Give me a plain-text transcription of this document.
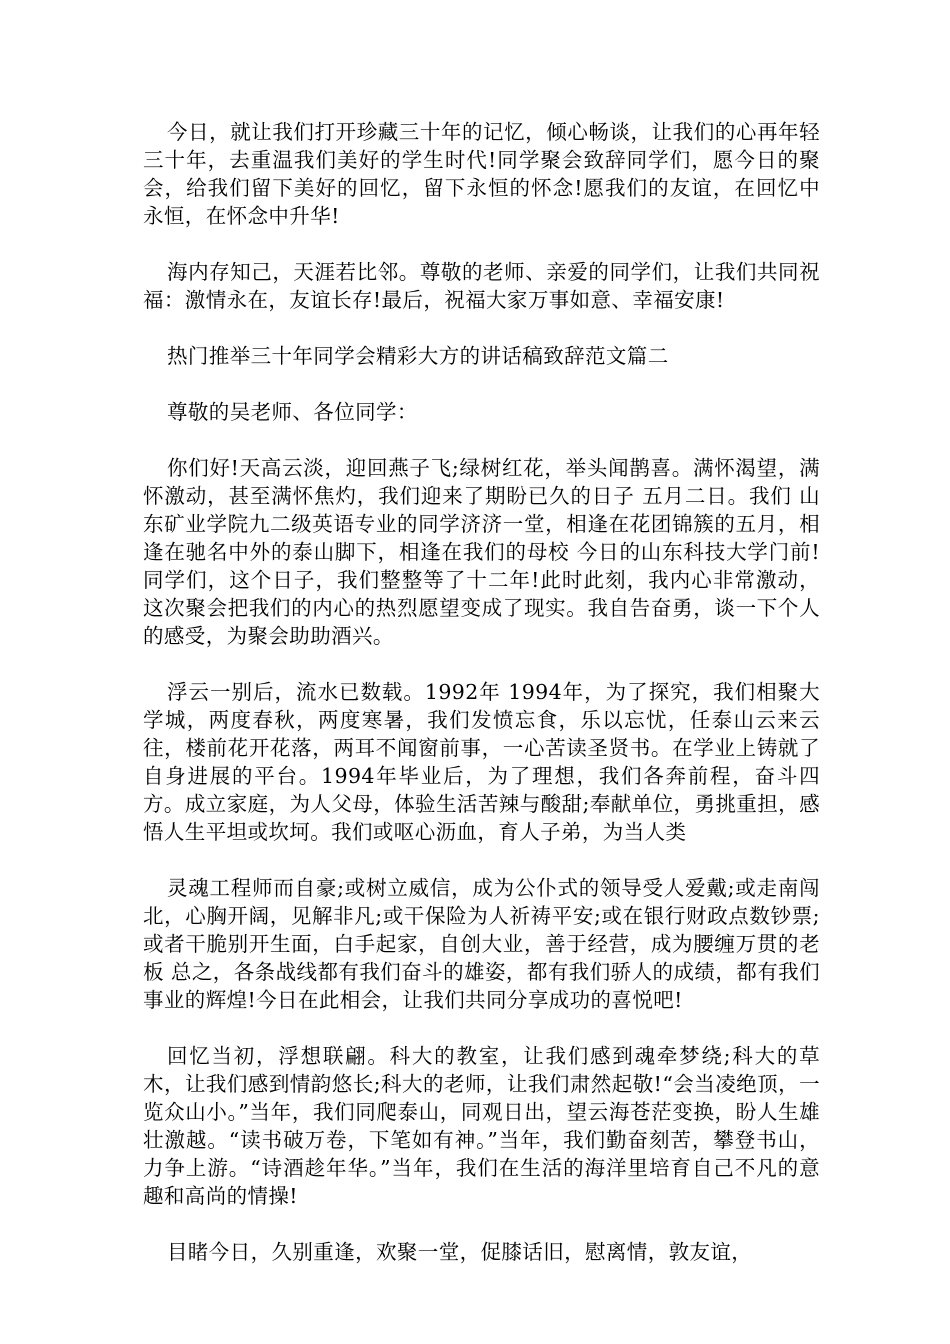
今日，就让我们打开珍藏三十年的记忆，倾心畅谈，让我们的心再年轻三十年，去重温我们美好的学生时代!同学聚会致辞同学们，愿今日的聚会，给我们留下美好的回忆，留下永恒的怀念!愿我们的友谊，在回忆中永恒，在怀念中升华!

海内存知己，天涯若比邻。尊敬的老师、亲爱的同学们，让我们共同祝福：激情永在，友谊长存!最后，祝福大家万事如意、幸福安康!

热门推举三十年同学会精彩大方的讲话稿致辞范文篇二

尊敬的吴老师、各位同学：

你们好!天高云淡，迎回燕子飞;绿树红花，举头闻鹊喜。满怀渴望，满怀激动，甚至满怀焦灼，我们迎来了期盼已久的日子 五月二日。我们 山东矿业学院九二级英语专业的同学济济一堂，相逢在花团锦簇的五月，相逢在驰名中外的泰山脚下，相逢在我们的母校 今日的山东科技大学门前!同学们，这个日子，我们整整等了十二年!此时此刻，我内心非常激动，这次聚会把我们的内心的热烈愿望变成了现实。我自告奋勇，谈一下个人的感受，为聚会助助酒兴。

浮云一别后，流水已数载。1992年 1994年，为了探究，我们相聚大学城，两度春秋，两度寒暑，我们发愤忘食，乐以忘忧，任泰山云来云往，楼前花开花落，两耳不闻窗前事，一心苦读圣贤书。在学业上铸就了自身进展的平台。1994年毕业后，为了理想，我们各奔前程，奋斗四方。成立家庭，为人父母，体验生活苦辣与酸甜;奉献单位，勇挑重担，感悟人生平坦或坎坷。我们或呕心沥血，育人子弟，为当人类

灵魂工程师而自豪;或树立威信，成为公仆式的领导受人爱戴;或走南闯北，心胸开阔，见解非凡;或干保险为人祈祷平安;或在银行财政点数钞票;或者干脆别开生面，白手起家，自创大业，善于经营，成为腰缠万贯的老板 总之，各条战线都有我们奋斗的雄姿，都有我们骄人的成绩，都有我们事业的辉煌!今日在此相会，让我们共同分享成功的喜悦吧!

回忆当初，浮想联翩。科大的教室，让我们感到魂牵梦绕;科大的草木，让我们感到情韵悠长;科大的老师，让我们肃然起敬!“会当凌绝顶，一览众山小。”当年，我们同爬泰山，同观日出，望云海苍茫变换，盼人生雄壮激越。“读书破万卷，下笔如有神。”当年，我们勤奋刻苦，攀登书山，力争上游。“诗酒趁年华。”当年，我们在生活的海洋里培育自己不凡的意趣和高尚的情操!

目睹今日，久别重逢，欢聚一堂，促膝话旧，慰离情，敦友谊，
